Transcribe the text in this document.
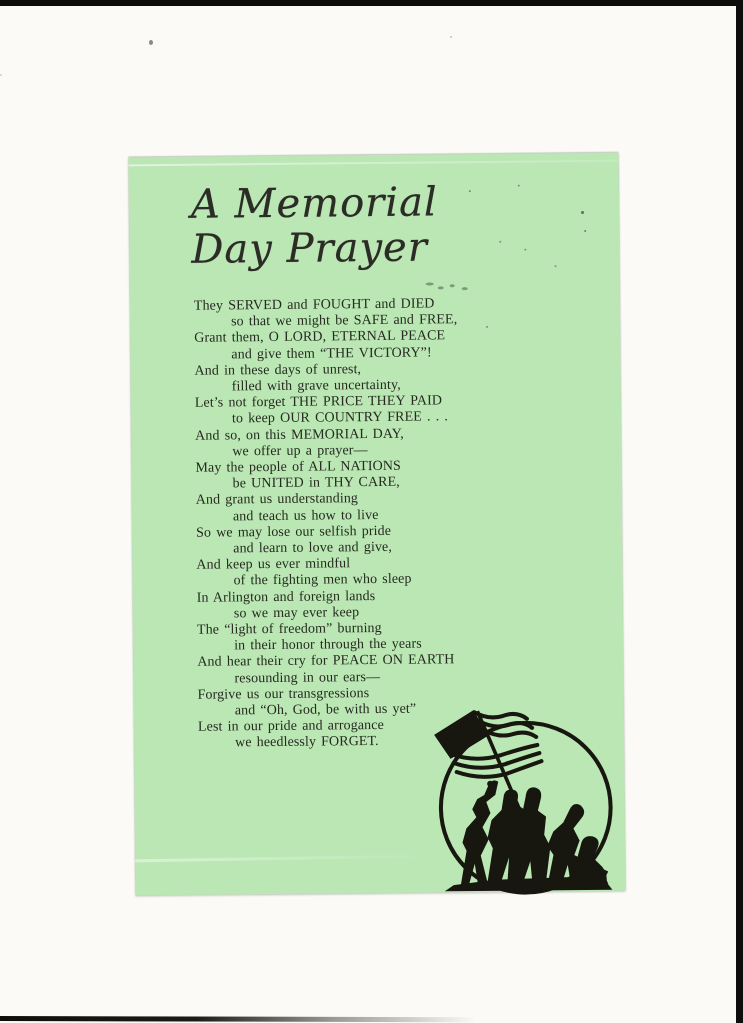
A Memorial
Day Prayer
They SERVED and FOUGHT and DIED
so that we might be SAFE and FREE,
Grant them, O LORD, ETERNAL PEACE
and give them “THE VICTORY”!
And in these days of unrest,
filled with grave uncertainty,
Let’s not forget THE PRICE THEY PAID
to keep OUR COUNTRY FREE . . .
And so, on this MEMORIAL DAY,
we offer up a prayer—
May the people of ALL NATIONS
be UNITED in THY CARE,
And grant us understanding
and teach us how to live
So we may lose our selfish pride
and learn to love and give,
And keep us ever mindful
of the fighting men who sleep
In Arlington and foreign lands
so we may ever keep
The “light of freedom” burning
in their honor through the years
And hear their cry for PEACE ON EARTH
resounding in our ears—
Forgive us our transgressions
and “Oh, God, be with us yet”
Lest in our pride and arrogance
we heedlessly FORGET.
